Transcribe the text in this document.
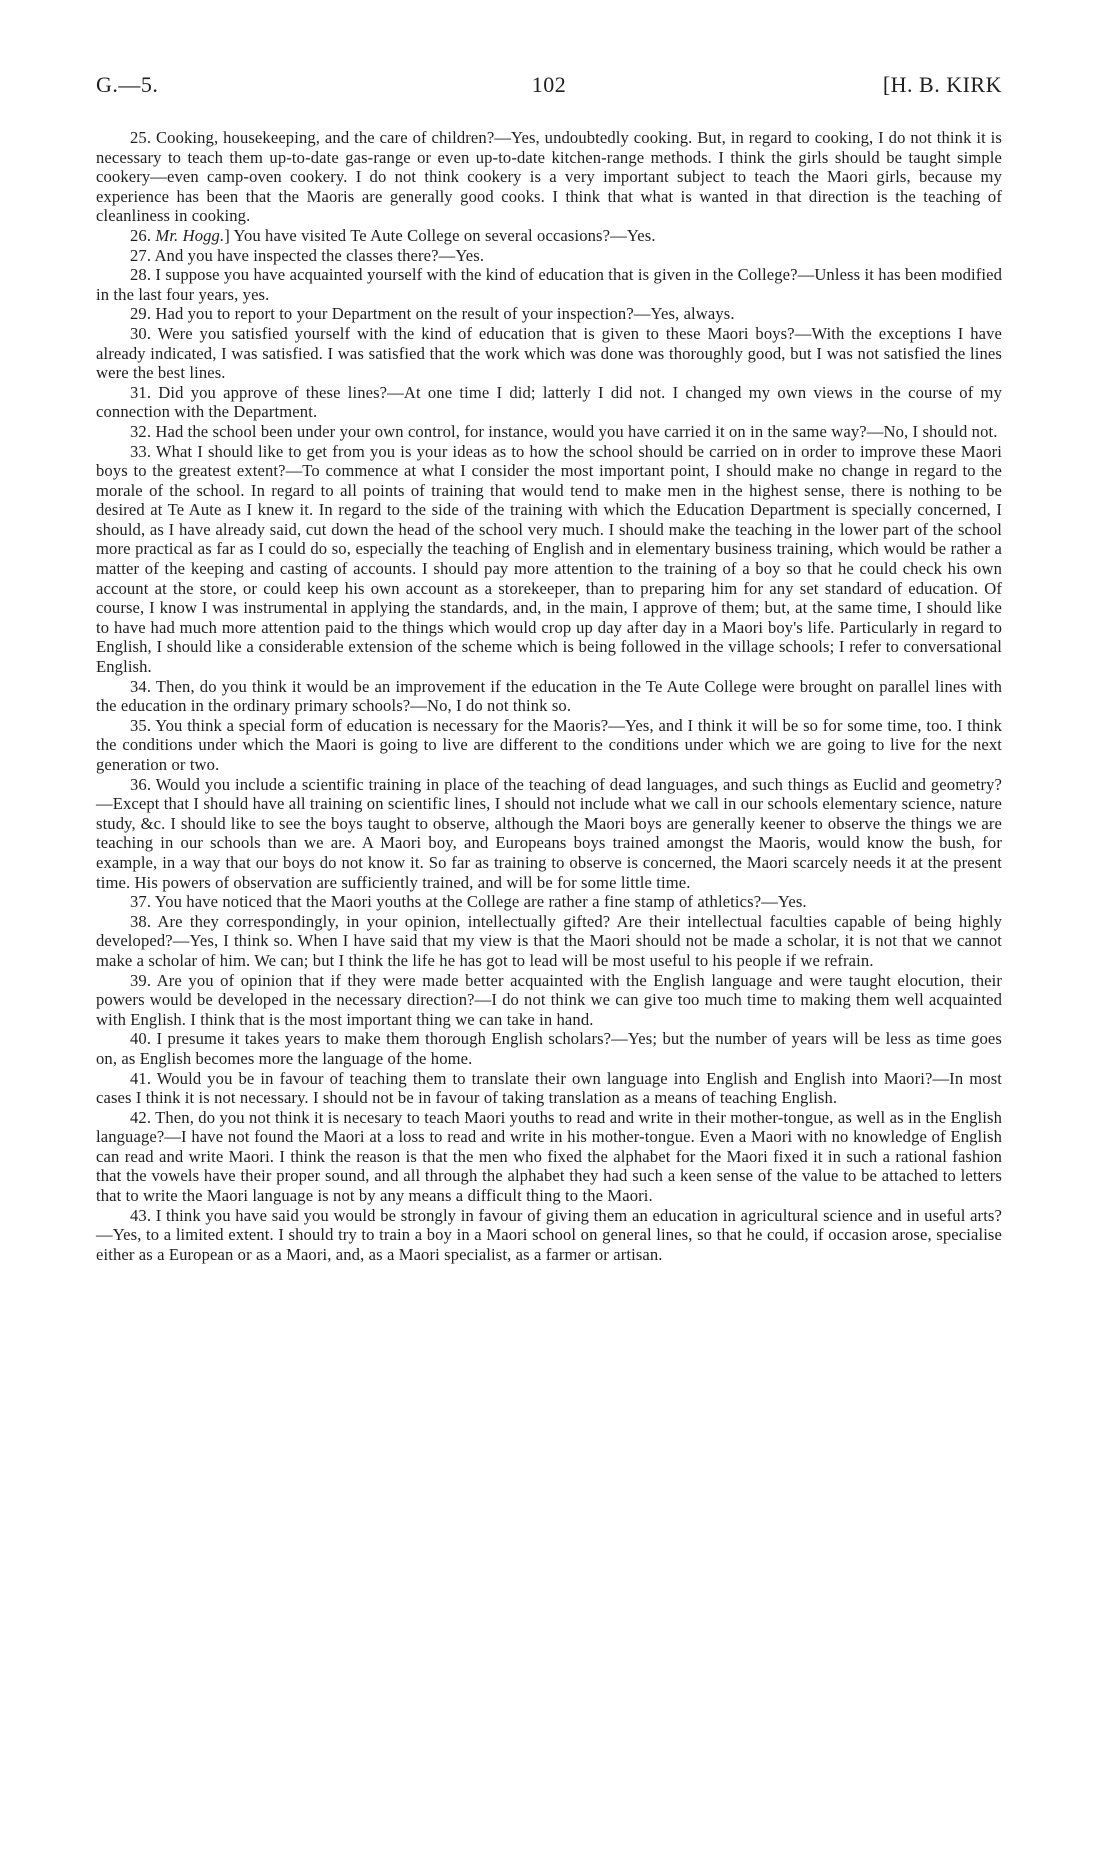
102
G.—5.	[H. B. KIRK

25. Cooking, housekeeping, and the care of children?—Yes, undoubtedly cooking. But, in regard to cooking, I do not think it is necessary to teach them up-to-date gas-range or even up-to-date kitchen-range methods. I think the girls should be taught simple cookery—even camp-oven cookery. I do not think cookery is a very important subject to teach the Maori girls, because my experience has been that the Maoris are generally good cooks. I think that what is wanted in that direction is the teaching of cleanliness in cooking.

26. Mr. Hogg.] You have visited Te Aute College on several occasions?—Yes.

27. And you have inspected the classes there?—Yes.

28. I suppose you have acquainted yourself with the kind of education that is given in the College?—Unless it has been modified in the last four years, yes.

29. Had you to report to your Department on the result of your inspection?—Yes, always.

30. Were you satisfied yourself with the kind of education that is given to these Maori boys?—With the exceptions I have already indicated, I was satisfied. I was satisfied that the work which was done was thoroughly good, but I was not satisfied the lines were the best lines.

31. Did you approve of these lines?—At one time I did; latterly I did not. I changed my own views in the course of my connection with the Department.

32. Had the school been under your own control, for instance, would you have carried it on in the same way?—No, I should not.

33. What I should like to get from you is your ideas as to how the school should be carried on in order to improve these Maori boys to the greatest extent?—To commence at what I consider the most important point, I should make no change in regard to the morale of the school. In regard to all points of training that would tend to make men in the highest sense, there is nothing to be desired at Te Aute as I knew it. In regard to the side of the training with which the Education Department is specially concerned, I should, as I have already said, cut down the head of the school very much. I should make the teaching in the lower part of the school more practical as far as I could do so, especially the teaching of English and in elementary business training, which would be rather a matter of the keeping and casting of accounts. I should pay more attention to the training of a boy so that he could check his own account at the store, or could keep his own account as a storekeeper, than to preparing him for any set standard of education. Of course, I know I was instrumental in applying the standards, and, in the main, I approve of them; but, at the same time, I should like to have had much more attention paid to the things which would crop up day after day in a Maori boy's life. Particularly in regard to English, I should like a considerable extension of the scheme which is being followed in the village schools; I refer to conversational English.

34. Then, do you think it would be an improvement if the education in the Te Aute College were brought on parallel lines with the education in the ordinary primary schools?—No, I do not think so.

35. You think a special form of education is necessary for the Maoris?—Yes, and I think it will be so for some time, too. I think the conditions under which the Maori is going to live are different to the conditions under which we are going to live for the next generation or two.

36. Would you include a scientific training in place of the teaching of dead languages, and such things as Euclid and geometry?—Except that I should have all training on scientific lines, I should not include what we call in our schools elementary science, nature study, &c. I should like to see the boys taught to observe, although the Maori boys are generally keener to observe the things we are teaching in our schools than we are. A Maori boy, and Europeans boys trained amongst the Maoris, would know the bush, for example, in a way that our boys do not know it. So far as training to observe is concerned, the Maori scarcely needs it at the present time. His powers of observation are sufficiently trained, and will be for some little time.

37. You have noticed that the Maori youths at the College are rather a fine stamp of athletics?—Yes.

38. Are they correspondingly, in your opinion, intellectually gifted? Are their intellectual faculties capable of being highly developed?—Yes, I think so. When I have said that my view is that the Maori should not be made a scholar, it is not that we cannot make a scholar of him. We can; but I think the life he has got to lead will be most useful to his people if we refrain.

39. Are you of opinion that if they were made better acquainted with the English language and were taught elocution, their powers would be developed in the necessary direction?—I do not think we can give too much time to making them well acquainted with English. I think that is the most important thing we can take in hand.

40. I presume it takes years to make them thorough English scholars?—Yes; but the number of years will be less as time goes on, as English becomes more the language of the home.

41. Would you be in favour of teaching them to translate their own language into English and English into Maori?—In most cases I think it is not necessary. I should not be in favour of taking translation as a means of teaching English.

42. Then, do you not think it is necesary to teach Maori youths to read and write in their mother-tongue, as well as in the English language?—I have not found the Maori at a loss to read and write in his mother-tongue. Even a Maori with no knowledge of English can read and write Maori. I think the reason is that the men who fixed the alphabet for the Maori fixed it in such a rational fashion that the vowels have their proper sound, and all through the alphabet they had such a keen sense of the value to be attached to letters that to write the Maori language is not by any means a difficult thing to the Maori.

43. I think you have said you would be strongly in favour of giving them an education in agricultural science and in useful arts?—Yes, to a limited extent. I should try to train a boy in a Maori school on general lines, so that he could, if occasion arose, specialise either as a European or as a Maori, and, as a Maori specialist, as a farmer or artisan.
